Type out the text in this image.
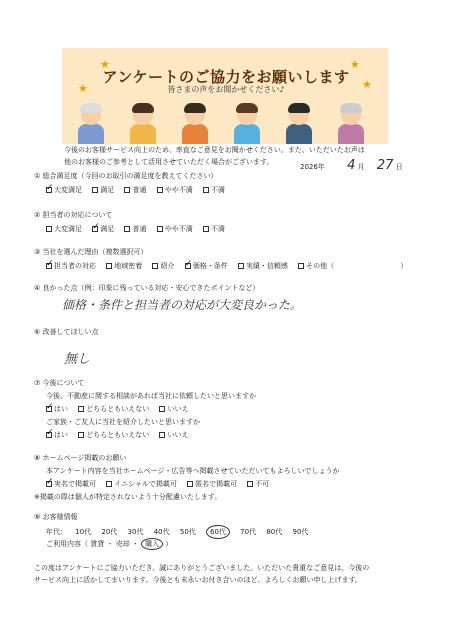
★	★
★
★
アンケートのご協力をお願いします
皆さまの声をお聞かせください♪
今後のお客様サービス向上のため、率直なご意見をお聞かせください。また、いただいたお声は
他のお客様のご参考として活用させていただく場合がございます。
2026年 4 月 27 日
① 総合満足度（今回のお取引の満足度を教えてください）
✓大変満足	満足	普通	やや不満	不満
② 担当者の対応について
大変満足 ✓	満足	普通	やや不満	不満
③ 当社を選んだ理由（複数選択可）
✓担当者の対応	地域密着	紹介 ✓	価格・条件	実績・信頼感	その他（	）
④ 良かった点（例：印象に残っている対応・安心できたポイントなど）
価格・条件と担当者の対応が大変良かった。
⑥ 改善してほしい点
無し
⑦ 今後について
今後、不動産に関する相談があれば当社に依頼したいと思いますか
✓はい	どちらともいえない	いいえ
ご家族・ご友人に当社を紹介したいと思いますか
✓はい	どちらともいえない	いいえ
⑧ ホームページ掲載のお願い
本アンケート内容を当社ホームページ・広告等へ掲載させていただいてもよろしいでしょうか
✓実名で掲載可	イニシャルで掲載可	匿名で掲載可	不可
※掲載の際は個人が特定されないよう十分配慮いたします。
⑨ お客様情報
年代： 10代 20代 30代 40代 50代 60代 70代 80代 90代
ご利用内容（ 賃貸 ・ 売却 ・ 購入 ）
この度はアンケートにご協力いただき、誠にありがとうございました。いただいた貴重なご意見は、今後の
サービス向上に活かしてまいります。今後とも末永いお付き合いのほど、よろしくお願い申し上げます。
